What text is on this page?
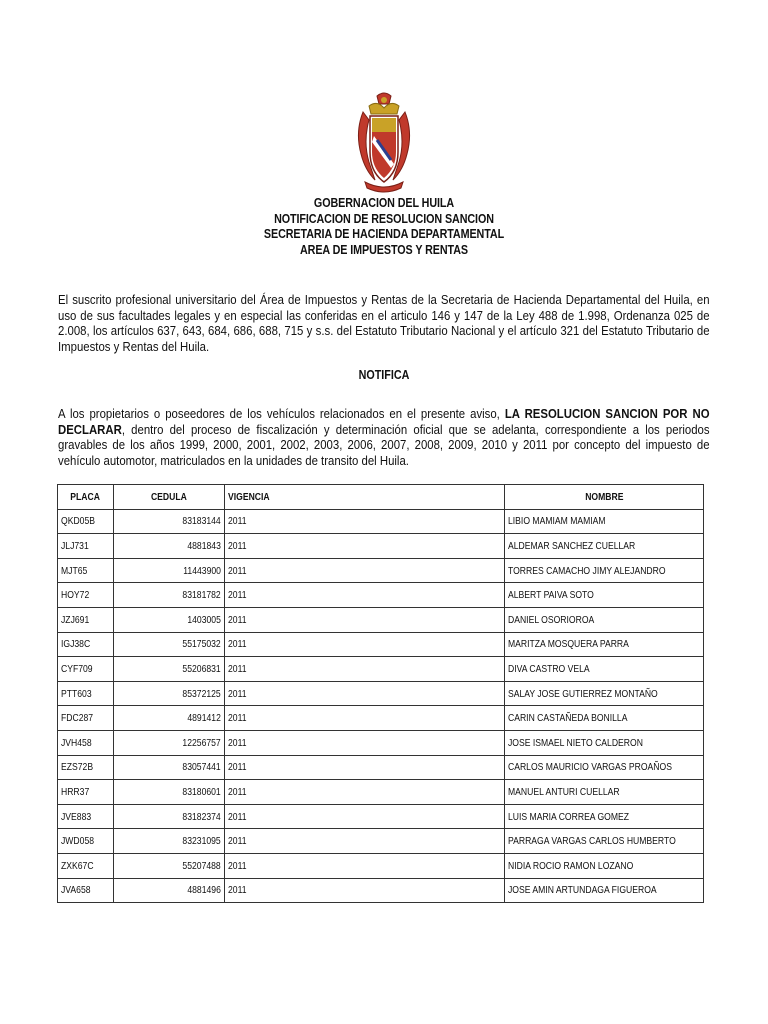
GOBERNACION DEL HUILA
NOTIFICACION DE RESOLUCION SANCION
SECRETARIA DE HACIENDA DEPARTAMENTAL
AREA DE IMPUESTOS Y RENTAS
El suscrito profesional universitario del Área de Impuestos y Rentas de la Secretaria de Hacienda Departamental del Huila, en uso de sus facultades legales y en especial las conferidas en el articulo 146 y 147 de la Ley 488 de 1.998, Ordenanza 025 de 2.008, los artículos 637, 643, 684, 686, 688, 715 y s.s. del Estatuto Tributario Nacional y el artículo 321 del Estatuto Tributario de Impuestos y Rentas del Huila.
NOTIFICA
A los propietarios o poseedores de los vehículos relacionados en el presente aviso, LA RESOLUCION SANCION POR NO DECLARAR, dentro del proceso de fiscalización y determinación oficial que se adelanta, correspondiente a los periodos gravables de los años 1999, 2000, 2001, 2002, 2003, 2006, 2007, 2008, 2009, 2010 y 2011 por concepto del impuesto de vehículo automotor, matriculados en la unidades de transito del Huila.
PLACA	CEDULA	VIGENCIA	NOMBRE
QKD05B	83183144	2011	LIBIO MAMIAM MAMIAM
JLJ731	4881843	2011	ALDEMAR SANCHEZ CUELLAR
MJT65	11443900	2011	TORRES CAMACHO JIMY ALEJANDRO
HOY72	83181782	2011	ALBERT PAIVA SOTO
JZJ691	1403005	2011	DANIEL OSORIOROA
IGJ38C	55175032	2011	MARITZA MOSQUERA PARRA
CYF709	55206831	2011	DIVA CASTRO VELA
PTT603	85372125	2011	SALAY JOSE GUTIERREZ MONTAÑO
FDC287	4891412	2011	CARIN CASTAÑEDA BONILLA
JVH458	12256757	2011	JOSE ISMAEL NIETO CALDERON
EZS72B	83057441	2011	CARLOS MAURICIO VARGAS PROAÑOS
HRR37	83180601	2011	MANUEL ANTURI CUELLAR
JVE883	83182374	2011	LUIS MARIA CORREA GOMEZ
JWD058	83231095	2011	PARRAGA VARGAS CARLOS HUMBERTO
ZXK67C	55207488	2011	NIDIA ROCIO RAMON LOZANO
JVA658	4881496	2011	JOSE AMIN ARTUNDAGA FIGUEROA
